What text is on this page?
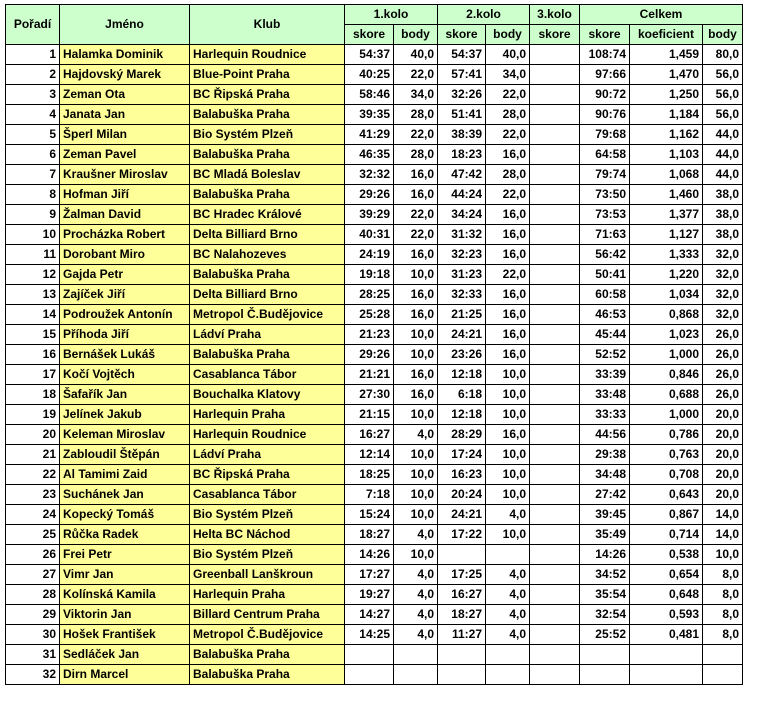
Pořadí	Jméno	Klub	1.kolo		2.kolo		3.kolo	Celkem		
			skore	body	skore	body	skore	skore	koeficient	body
1	Halamka Dominik	Harlequin Roudnice	54:37	40,0	54:37	40,0		108:74	1,459	80,0
2	Hajdovský Marek	Blue-Point Praha	40:25	22,0	57:41	34,0		97:66	1,470	56,0
3	Zeman Ota	BC Řipská Praha	58:46	34,0	32:26	22,0		90:72	1,250	56,0
4	Janata Jan	Balabuška Praha	39:35	28,0	51:41	28,0		90:76	1,184	56,0
5	Šperl Milan	Bio Systém Plzeň	41:29	22,0	38:39	22,0		79:68	1,162	44,0
6	Zeman Pavel	Balabuška Praha	46:35	28,0	18:23	16,0		64:58	1,103	44,0
7	Kraušner Miroslav	BC Mladá Boleslav	32:32	16,0	47:42	28,0		79:74	1,068	44,0
8	Hofman Jiří	Balabuška Praha	29:26	16,0	44:24	22,0		73:50	1,460	38,0
9	Žalman David	BC Hradec Králové	39:29	22,0	34:24	16,0		73:53	1,377	38,0
10	Procházka Robert	Delta Billiard Brno	40:31	22,0	31:32	16,0		71:63	1,127	38,0
11	Dorobant Miro	BC Nalahozeves	24:19	16,0	32:23	16,0		56:42	1,333	32,0
12	Gajda Petr	Balabuška Praha	19:18	10,0	31:23	22,0		50:41	1,220	32,0
13	Zajíček Jiří	Delta Billiard Brno	28:25	16,0	32:33	16,0		60:58	1,034	32,0
14	Podroužek Antonín	Metropol Č.Budějovice	25:28	16,0	21:25	16,0		46:53	0,868	32,0
15	Příhoda Jiří	Ládví Praha	21:23	10,0	24:21	16,0		45:44	1,023	26,0
16	Bernášek Lukáš	Balabuška Praha	29:26	10,0	23:26	16,0		52:52	1,000	26,0
17	Kočí Vojtěch	Casablanca Tábor	21:21	16,0	12:18	10,0		33:39	0,846	26,0
18	Šafařík Jan	Bouchalka Klatovy	27:30	16,0	6:18	10,0		33:48	0,688	26,0
19	Jelínek Jakub	Harlequin Praha	21:15	10,0	12:18	10,0		33:33	1,000	20,0
20	Keleman Miroslav	Harlequin Roudnice	16:27	4,0	28:29	16,0		44:56	0,786	20,0
21	Zabloudil Štěpán	Ládví Praha	12:14	10,0	17:24	10,0		29:38	0,763	20,0
22	Al Tamimi Zaid	BC Řipská Praha	18:25	10,0	16:23	10,0		34:48	0,708	20,0
23	Suchánek Jan	Casablanca Tábor	7:18	10,0	20:24	10,0		27:42	0,643	20,0
24	Kopecký Tomáš	Bio Systém Plzeň	15:24	10,0	24:21	4,0		39:45	0,867	14,0
25	Růčka Radek	Helta BC Náchod	18:27	4,0	17:22	10,0		35:49	0,714	14,0
26	Frei Petr	Bio Systém Plzeň	14:26	10,0				14:26	0,538	10,0
27	Vimr Jan	Greenball Lanškroun	17:27	4,0	17:25	4,0		34:52	0,654	8,0
28	Kolínská Kamila	Harlequin Praha	19:27	4,0	16:27	4,0		35:54	0,648	8,0
29	Viktorin Jan	Billard Centrum Praha	14:27	4,0	18:27	4,0		32:54	0,593	8,0
30	Hošek František	Metropol Č.Budějovice	14:25	4,0	11:27	4,0		25:52	0,481	8,0
31	Sedláček Jan	Balabuška Praha								
32	Dirn Marcel	Balabuška Praha								
